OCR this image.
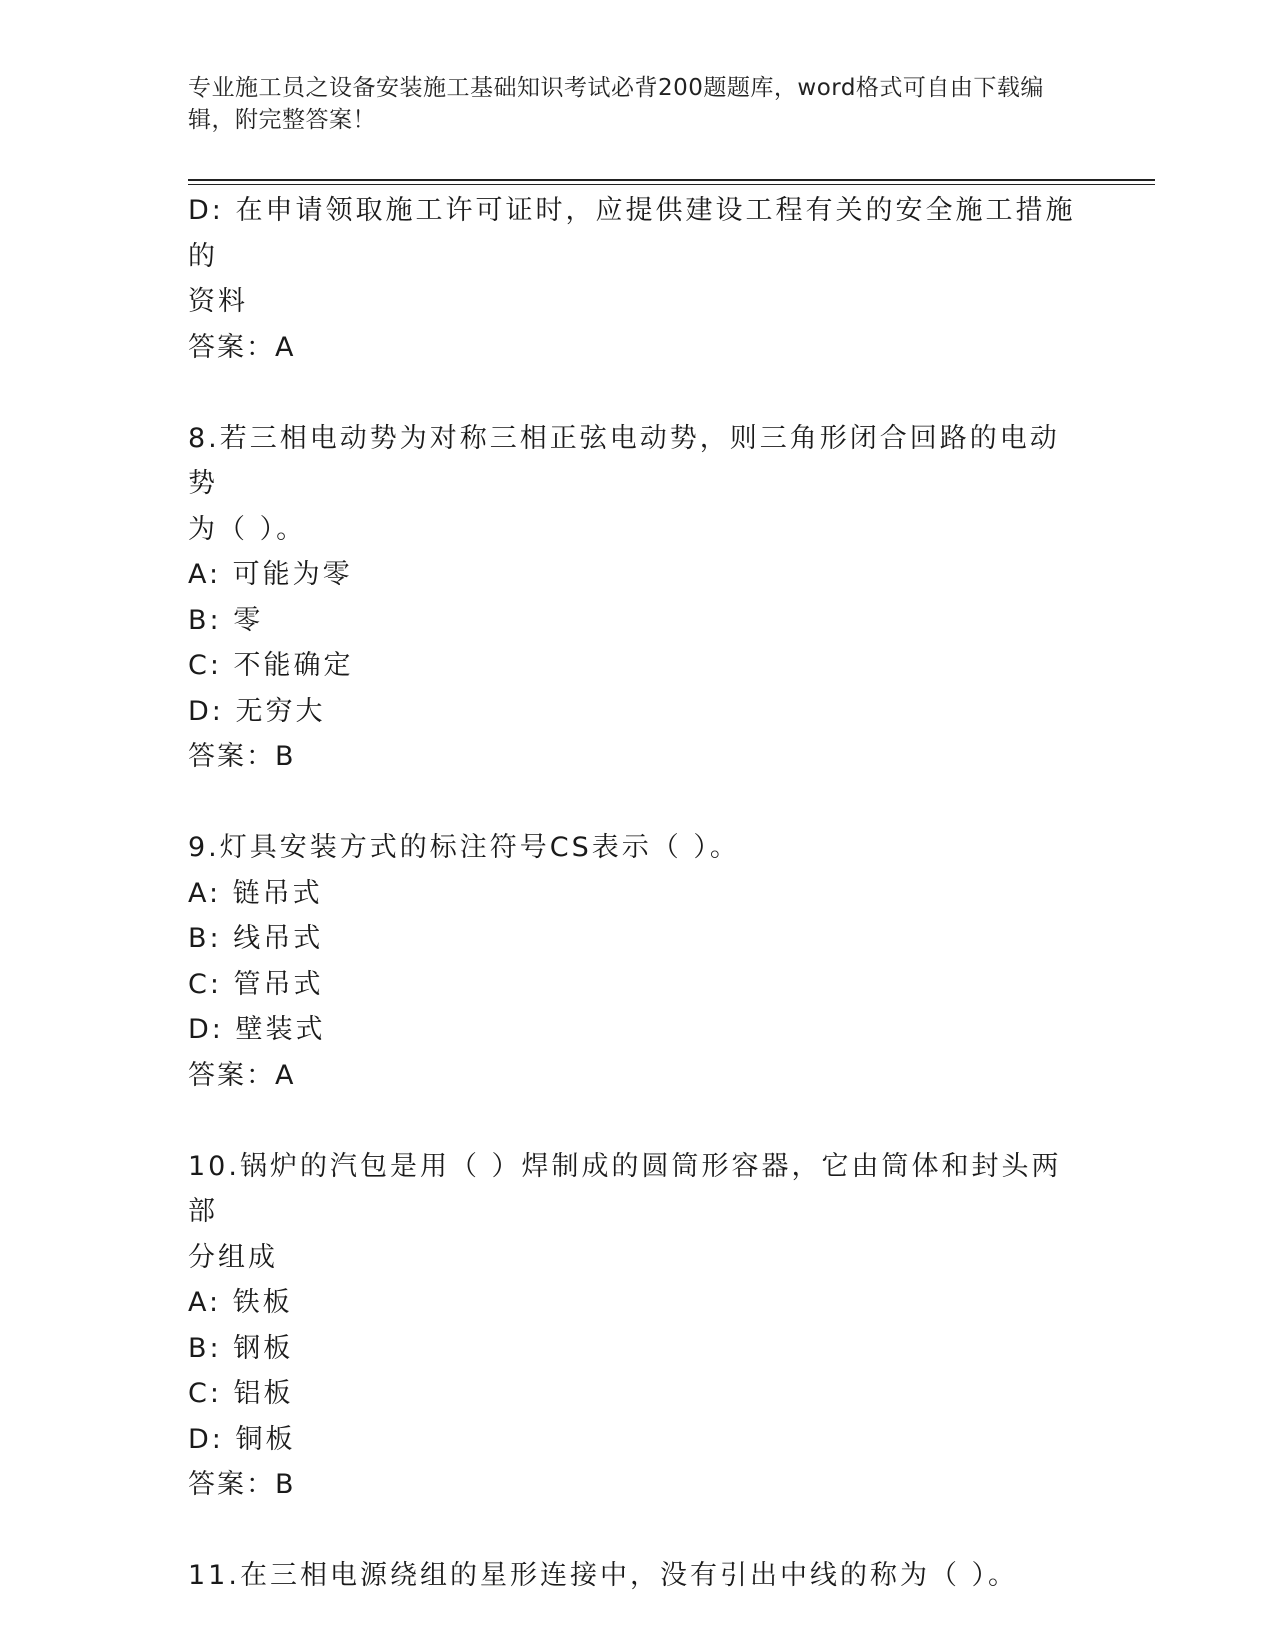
专业施工员之设备安装施工基础知识考试必背200题题库，word格式可自由下载编辑，附完整答案！
D: 在申请领取施工许可证时，应提供建设工程有关的安全施工措施的
资料
答案：A
8.若三相电动势为对称三相正弦电动势，则三角形闭合回路的电动势
为（ ）。
A: 可能为零
B: 零
C: 不能确定
D: 无穷大
答案：B
9.灯具安装方式的标注符号CS表示（ ）。
A: 链吊式
B: 线吊式
C: 管吊式
D: 壁装式
答案：A
10.锅炉的汽包是用（ ）焊制成的圆筒形容器，它由筒体和封头两部
分组成
A: 铁板
B: 钢板
C: 铝板
D: 铜板
答案：B
11.在三相电源绕组的星形连接中，没有引出中线的称为（ ）。
